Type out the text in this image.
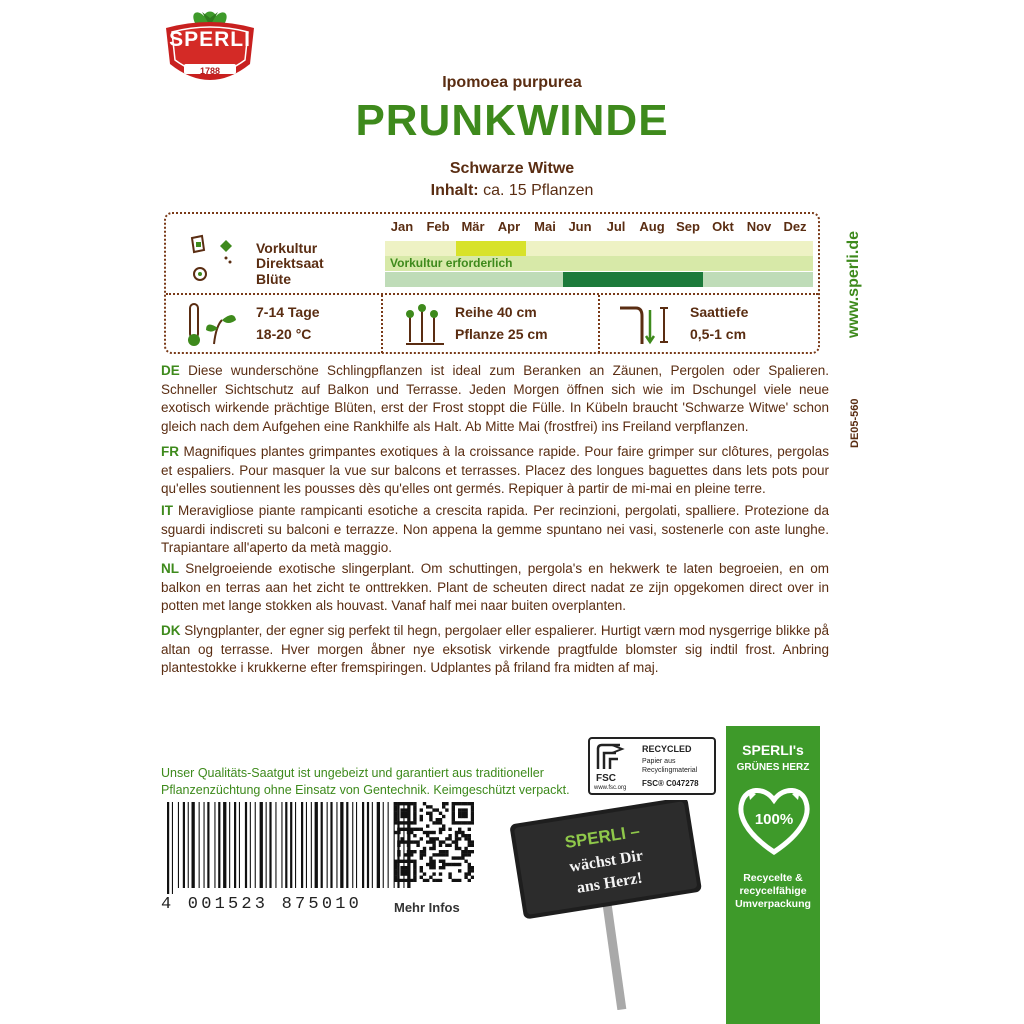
SPERLI
1788
Ipomoea purpurea
PRUNKWINDE
Schwarze Witwe
Inhalt: ca. 15 Pflanzen
Jan	Feb Mär	Apr	Mai Jun	Jul	Aug Sep Okt Nov Dez
Vorkultur erforderlich
Vorkultur
Direktsaat
Blüte
7-14 Tage
18-20 °C
Reihe 40 cm
Pflanze 25 cm
Saattiefe
0,5-1 cm	www.sperli.de
DE05-560
DE Diese wunderschöne Schlingpflanzen ist ideal zum Beranken an Zäunen, Pergolen oder Spalieren. Schneller Sichtschutz auf Balkon und Terrasse. Jeden Morgen öffnen sich wie im Dschungel viele neue exotisch wirkende prächtige Blüten, erst der Frost stoppt die Fülle. In Kübeln braucht 'Schwarze Witwe' schon gleich nach dem Aufgehen eine Rankhilfe als Halt. Ab Mitte Mai (frostfrei) ins Freiland verpflanzen.
FR Magnifiques plantes grimpantes exotiques à la croissance rapide. Pour faire grimper sur clôtures, pergolas et espaliers. Pour masquer la vue sur balcons et terrasses. Placez des longues baguettes dans lets pots pour qu'elles soutiennent les pousses dès qu'elles ont germés. Repiquer à partir de mi-mai en pleine terre.
IT Meravigliose piante rampicanti esotiche a crescita rapida. Per recinzioni, pergolati, spalliere. Protezione da sguardi indiscreti su balconi e terrazze. Non appena la gemme spuntano nei vasi, sostenerle con aste lunghe. Trapiantare all'aperto da metà maggio.
NL Snelgroeiende exotische slingerplant. Om schuttingen, pergola's en hekwerk te laten begroeien, en om balkon en terras aan het zicht te onttrekken. Plant de scheuten direct nadat ze zijn opgekomen direct over in potten met lange stokken als houvast. Vanaf half mei naar buiten overplanten.
DK Slyngplanter, der egner sig perfekt til hegn, pergolaer eller espalierer. Hurtigt værn mod nysgerrige blikke på altan og terrasse. Hver morgen åbner nye eksotisk virkende pragtfulde blomster sig indtil frost. Anbring plantestokke i krukkerne efter fremspiringen. Udplantes på friland fra midten af maj.
Unser Qualitäts-Saatgut ist ungebeizt und garantiert aus traditioneller Pflanzenzüchtung ohne Einsatz von Gentechnik. Keimgeschützt verpackt.
4 001523 875010 Mehr Infos
FSC
www.fsc.org
RECYCLED
Papier aus
Recyclingmaterial
FSC® C047278
SPERLI –
wächst Dir
ans Herz!
SPERLI's
GRÜNES HERZ
100%
Recycelte &
recycelfähige
Umverpackung
